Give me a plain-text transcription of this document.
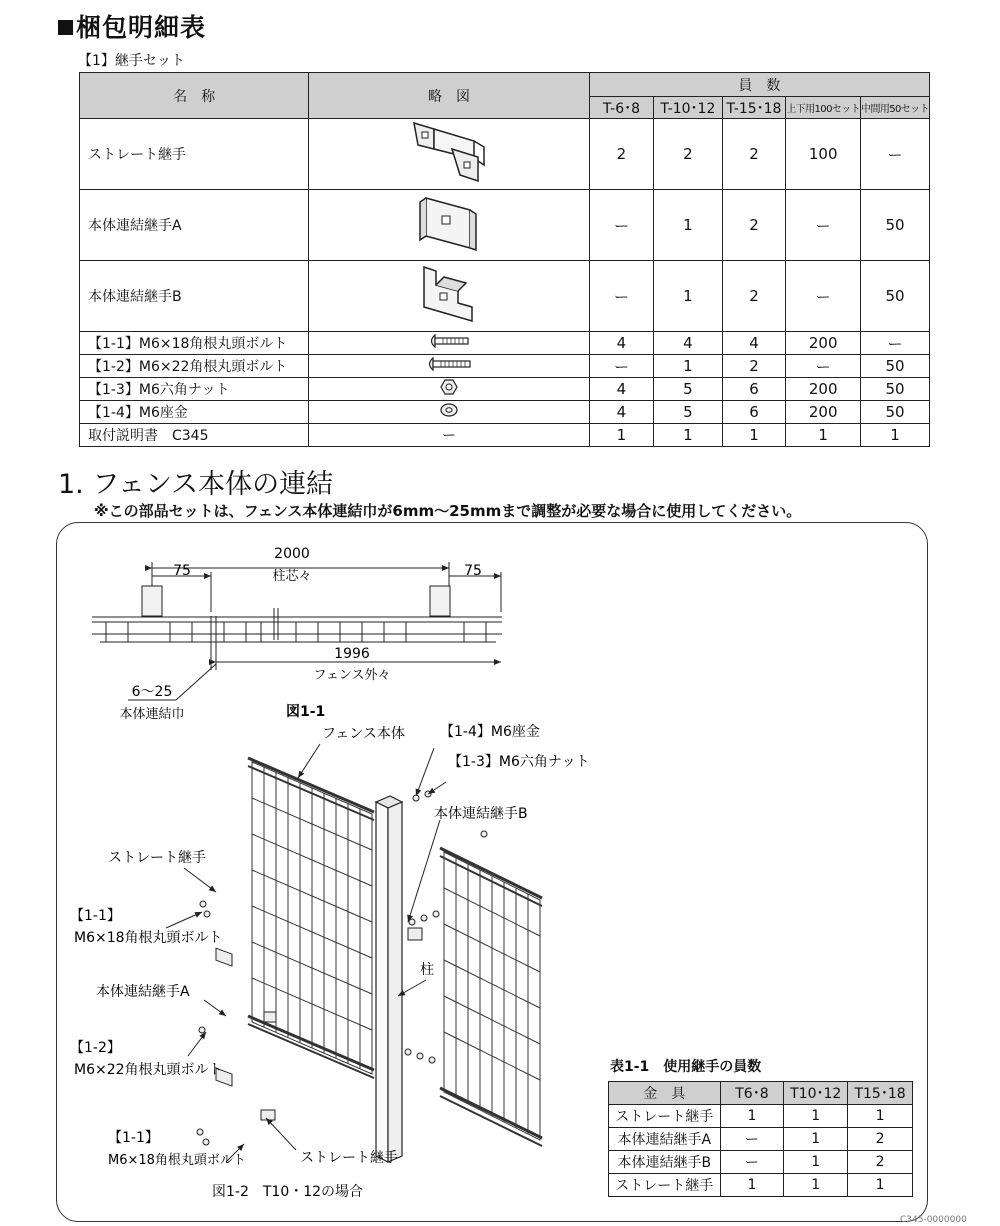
梱包明細表
【1】継手セット
名　称	略　図	員　数				
		T-6･8	T-10･12	T-15･18	上下用100セット	中間用50セット
ストレート継手		2	2	2	100	ー
本体連結継手A		ー	1	2	ー	50
本体連結継手B		ー	1	2	ー	50
【1-1】M6×18角根丸頭ボルト		4	4	4	200	ー
【1-2】M6×22角根丸頭ボルト		ー	1	2	ー	50
【1-3】M6六角ナット		4	5	6	200	50
【1-4】M6座金		4	5	6	200	50
取付説明書　C345	ー	1	1	1	1	1
1. フェンス本体の連結
※この部品セットは、フェンス本体連結巾が6mm〜25mmまで調整が必要な場合に使用してください。
2000
柱芯々
75	75
1996
フェンス外々
6〜25
本体連結巾	図1-1
フェンス本体	【1-4】M6座金
【1-3】M6六角ナット
本体連結継手B
ストレート継手
【1-1】
M6×18角根丸頭ボルト
柱
本体連結継手A
【1-2】
M6×22角根丸頭ボルト
【1-1】
M6×18角根丸頭ボルト	ストレート継手
図1-2　T10・12の場合
表1-1　使用継手の員数
金　具	T6･8	T10･12	T15･18
ストレート継手	1	1	1
本体連結継手A	ー	1	2
本体連結継手B	ー	1	2
ストレート継手	1	1	1
C345-0000000
